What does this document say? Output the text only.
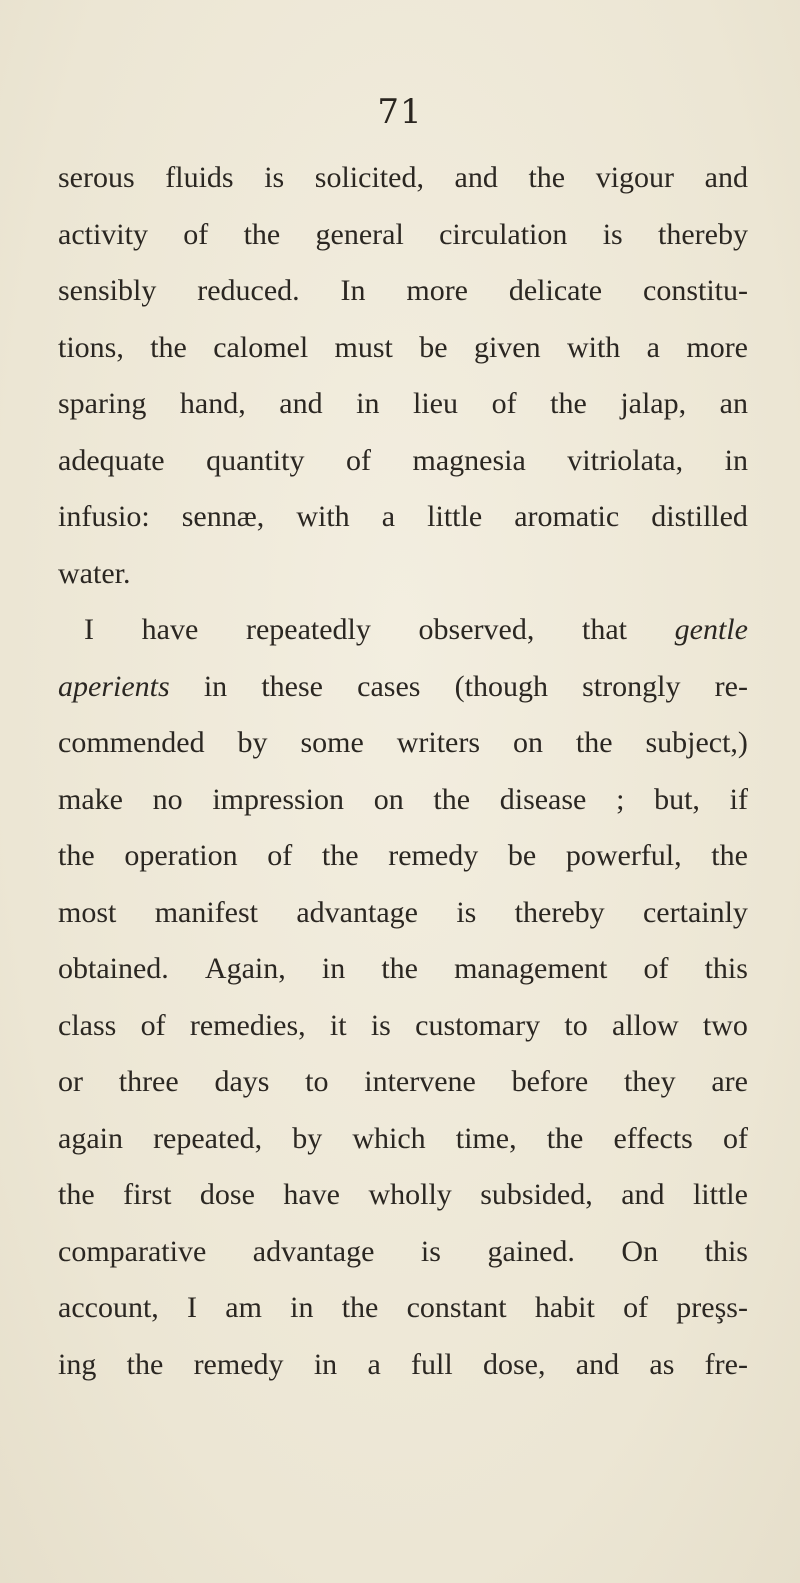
71
serous fluids is solicited, and the vigour and
activity of the general circulation is thereby
sensibly reduced. In more delicate constitu-
tions, the calomel must be given with a more
sparing hand, and in lieu of the jalap, an
adequate quantity of magnesia vitriolata, in
infusio: sennæ, with a little aromatic distilled
water.
I have repeatedly observed, that gentle
aperients in these cases (though strongly re-
commended by some writers on the subject,)
make no impression on the disease ; but, if
the operation of the remedy be powerful, the
most manifest advantage is thereby certainly
obtained. Again, in the management of this
class of remedies, it is customary to allow two
or three days to intervene before they are
again repeated, by which time, the effects of
the first dose have wholly subsided, and little
comparative advantage is gained. On this
account, I am in the constant habit of preşs-
ing the remedy in a full dose, and as fre-
